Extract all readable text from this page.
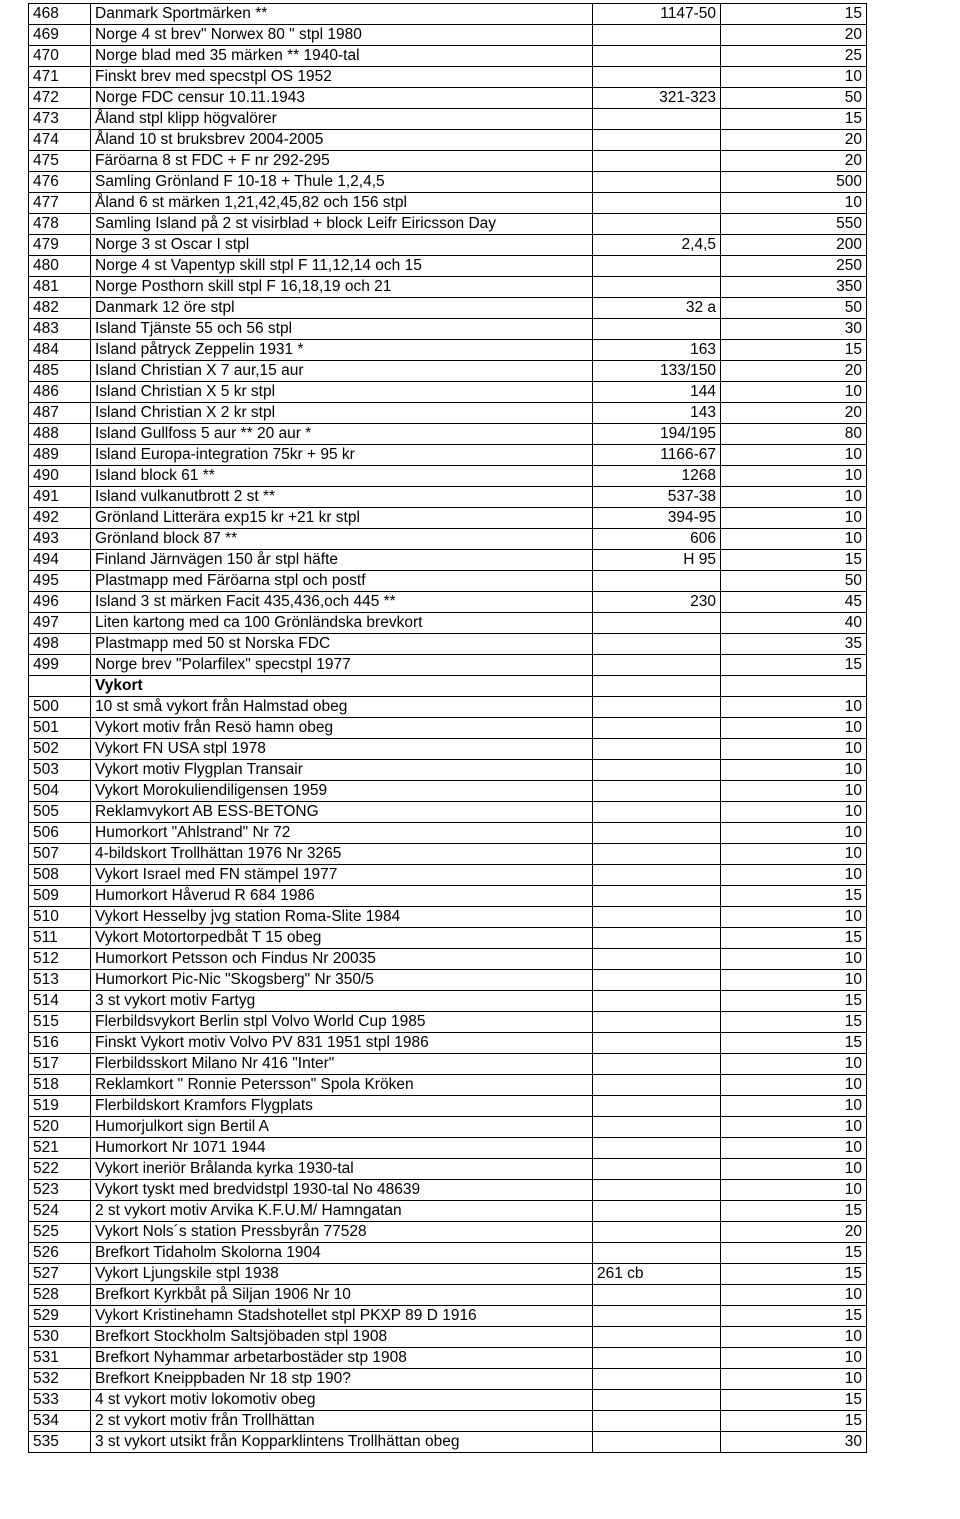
468	Danmark Sportmärken **	1147-50	15
469	Norge 4 st brev" Norwex 80 " stpl 1980		20
470	Norge blad med 35 märken ** 1940-tal		25
471	Finskt brev med specstpl OS 1952		10
472	Norge FDC censur 10.11.1943	321-323	50
473	Åland stpl klipp högvalörer		15
474	Åland 10 st bruksbrev 2004-2005		20
475	Färöarna 8 st FDC + F nr 292-295		20
476	Samling Grönland F 10-18 + Thule 1,2,4,5		500
477	Åland 6 st märken 1,21,42,45,82 och 156 stpl		10
478	Samling Island på 2 st visirblad + block Leifr Eiricsson Day		550
479	Norge 3 st Oscar I stpl	2,4,5	200
480	Norge 4 st Vapentyp skill stpl F 11,12,14 och 15		250
481	Norge Posthorn skill stpl F 16,18,19 och 21		350
482	Danmark 12 öre stpl	32 a	50
483	Island Tjänste 55 och 56 stpl		30
484	Island påtryck Zeppelin 1931 *	163	15
485	Island Christian X 7 aur,15 aur	133/150	20
486	Island Christian X 5 kr stpl	144	10
487	Island Christian X 2 kr stpl	143	20
488	Island Gullfoss 5 aur ** 20 aur *	194/195	80
489	Island Europa-integration 75kr + 95 kr	1166-67	10
490	Island block 61 **	1268	10
491	Island vulkanutbrott 2 st **	537-38	10
492	Grönland Litterära exp15 kr +21 kr stpl	394-95	10
493	Grönland block 87 **	606	10
494	Finland Järnvägen 150 år stpl häfte	H 95	15
495	Plastmapp med Färöarna stpl och postf		50
496	Island 3 st märken Facit 435,436,och 445 **	230	45
497	Liten kartong med ca 100 Grönländska brevkort		40
498	Plastmapp med 50 st Norska FDC		35
499	Norge brev "Polarfilex" specstpl 1977		15
	Vykort		
500	10 st små vykort från Halmstad obeg		10
501	Vykort motiv från Resö hamn obeg		10
502	Vykort FN USA stpl 1978		10
503	Vykort motiv Flygplan Transair		10
504	Vykort Morokuliendiligensen 1959		10
505	Reklamvykort AB ESS-BETONG		10
506	Humorkort "Ahlstrand" Nr 72		10
507	4-bildskort Trollhättan 1976 Nr 3265		10
508	Vykort Israel med FN stämpel 1977		10
509	Humorkort Håverud R 684 1986		15
510	Vykort Hesselby jvg station Roma-Slite 1984		10
511	Vykort Motortorpedbåt T 15 obeg		15
512	Humorkort Petsson och Findus Nr 20035		10
513	Humorkort Pic-Nic "Skogsberg" Nr 350/5		10
514	3 st vykort motiv Fartyg		15
515	Flerbildsvykort Berlin stpl Volvo World Cup 1985		15
516	Finskt Vykort motiv Volvo PV 831 1951 stpl 1986		15
517	Flerbildsskort Milano Nr 416 "Inter"		10
518	Reklamkort " Ronnie Petersson" Spola Kröken		10
519	Flerbildskort Kramfors Flygplats		10
520	Humorjulkort sign Bertil A		10
521	Humorkort Nr 1071 1944		10
522	Vykort ineriör Brålanda kyrka 1930-tal		10
523	Vykort tyskt med bredvidstpl 1930-tal No 48639		10
524	2 st vykort motiv Arvika K.F.U.M/ Hamngatan		15
525	Vykort Nols´s station Pressbyrån 77528		20
526	Brefkort Tidaholm Skolorna 1904		15
527	Vykort Ljungskile stpl 1938	261 cb	15
528	Brefkort Kyrkbåt på Siljan 1906 Nr 10		10
529	Vykort Kristinehamn Stadshotellet stpl PKXP 89 D 1916		15
530	Brefkort Stockholm Saltsjöbaden stpl 1908		10
531	Brefkort Nyhammar arbetarbostäder stp 1908		10
532	Brefkort Kneippbaden Nr 18 stp 190?		10
533	4 st vykort motiv lokomotiv obeg		15
534	2 st vykort motiv från Trollhättan		15
535	3 st vykort utsikt från Kopparklintens Trollhättan obeg		30
